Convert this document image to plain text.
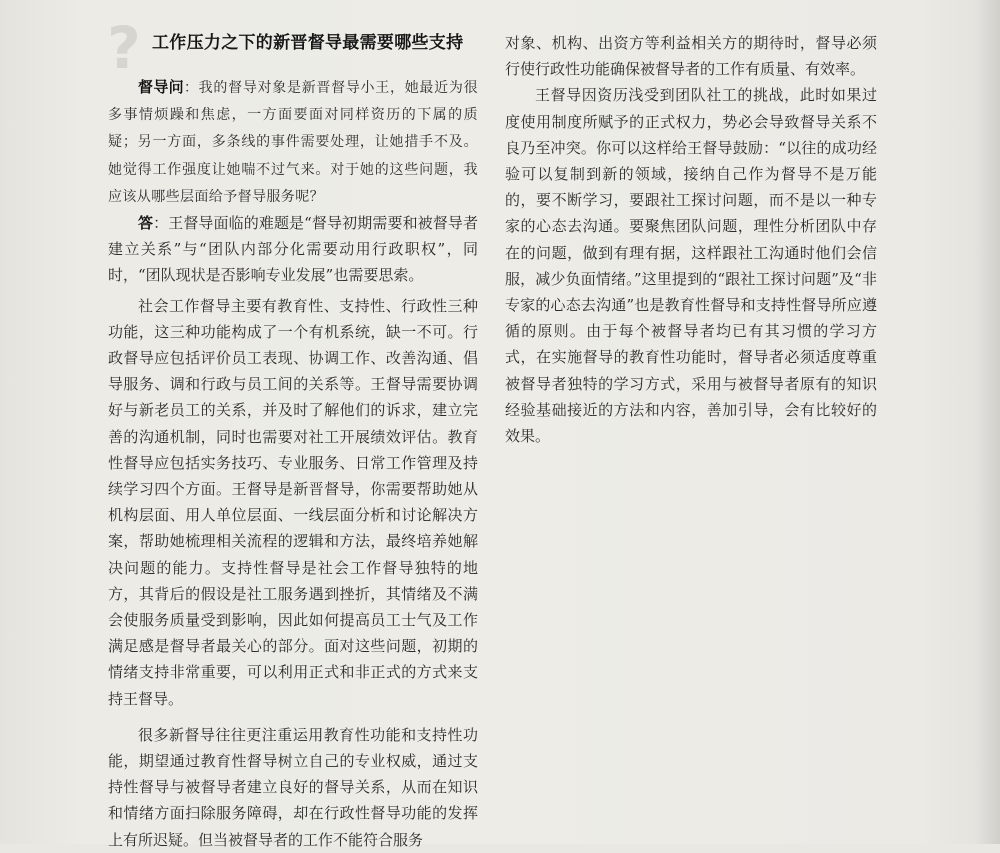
? 工作压力之下的新晋督导最需要哪些支持

督导问：我的督导对象是新晋督导小王，她最近为很多事情烦躁和焦虑，一方面要面对同样资历的下属的质疑；另一方面，多条线的事件需要处理，让她措手不及。她觉得工作强度让她喘不过气来。对于她的这些问题，我应该从哪些层面给予督导服务呢？

答：王督导面临的难题是“督导初期需要和被督导者建立关系”与“团队内部分化需要动用行政职权”，同时，“团队现状是否影响专业发展”也需要思索。

社会工作督导主要有教育性、支持性、行政性三种功能，这三种功能构成了一个有机系统，缺一不可。行政督导应包括评价员工表现、协调工作、改善沟通、倡导服务、调和行政与员工间的关系等。王督导需要协调好与新老员工的关系，并及时了解他们的诉求，建立完善的沟通机制，同时也需要对社工开展绩效评估。教育性督导应包括实务技巧、专业服务、日常工作管理及持续学习四个方面。王督导是新晋督导，你需要帮助她从机构层面、用人单位层面、一线层面分析和讨论解决方案，帮助她梳理相关流程的逻辑和方法，最终培养她解决问题的能力。支持性督导是社会工作督导独特的地方，其背后的假设是社工服务遇到挫折，其情绪及不满会使服务质量受到影响，因此如何提高员工士气及工作满足感是督导者最关心的部分。面对这些问题，初期的情绪支持非常重要，可以利用正式和非正式的方式来支持王督导。

很多新督导往往更注重运用教育性功能和支持性功能，期望通过教育性督导树立自己的专业权威，通过支持性督导与被督导者建立良好的督导关系，从而在知识和情绪方面扫除服务障碍，却在行政性督导功能的发挥上有所迟疑。但当被督导者的工作不能符合服务

对象、机构、出资方等利益相关方的期待时，督导必须行使行政性功能确保被督导者的工作有质量、有效率。

王督导因资历浅受到团队社工的挑战，此时如果过度使用制度所赋予的正式权力，势必会导致督导关系不良乃至冲突。你可以这样给王督导鼓励：“以往的成功经验可以复制到新的领域，接纳自己作为督导不是万能的，要不断学习，要跟社工探讨问题，而不是以一种专家的心态去沟通。要聚焦团队问题，理性分析团队中存在的问题，做到有理有据，这样跟社工沟通时他们会信服，减少负面情绪。”这里提到的“跟社工探讨问题”及“非专家的心态去沟通”也是教育性督导和支持性督导所应遵循的原则。由于每个被督导者均已有其习惯的学习方式，在实施督导的教育性功能时，督导者必须适度尊重被督导者独特的学习方式，采用与被督导者原有的知识经验基础接近的方法和内容，善加引导，会有比较好的效果。
